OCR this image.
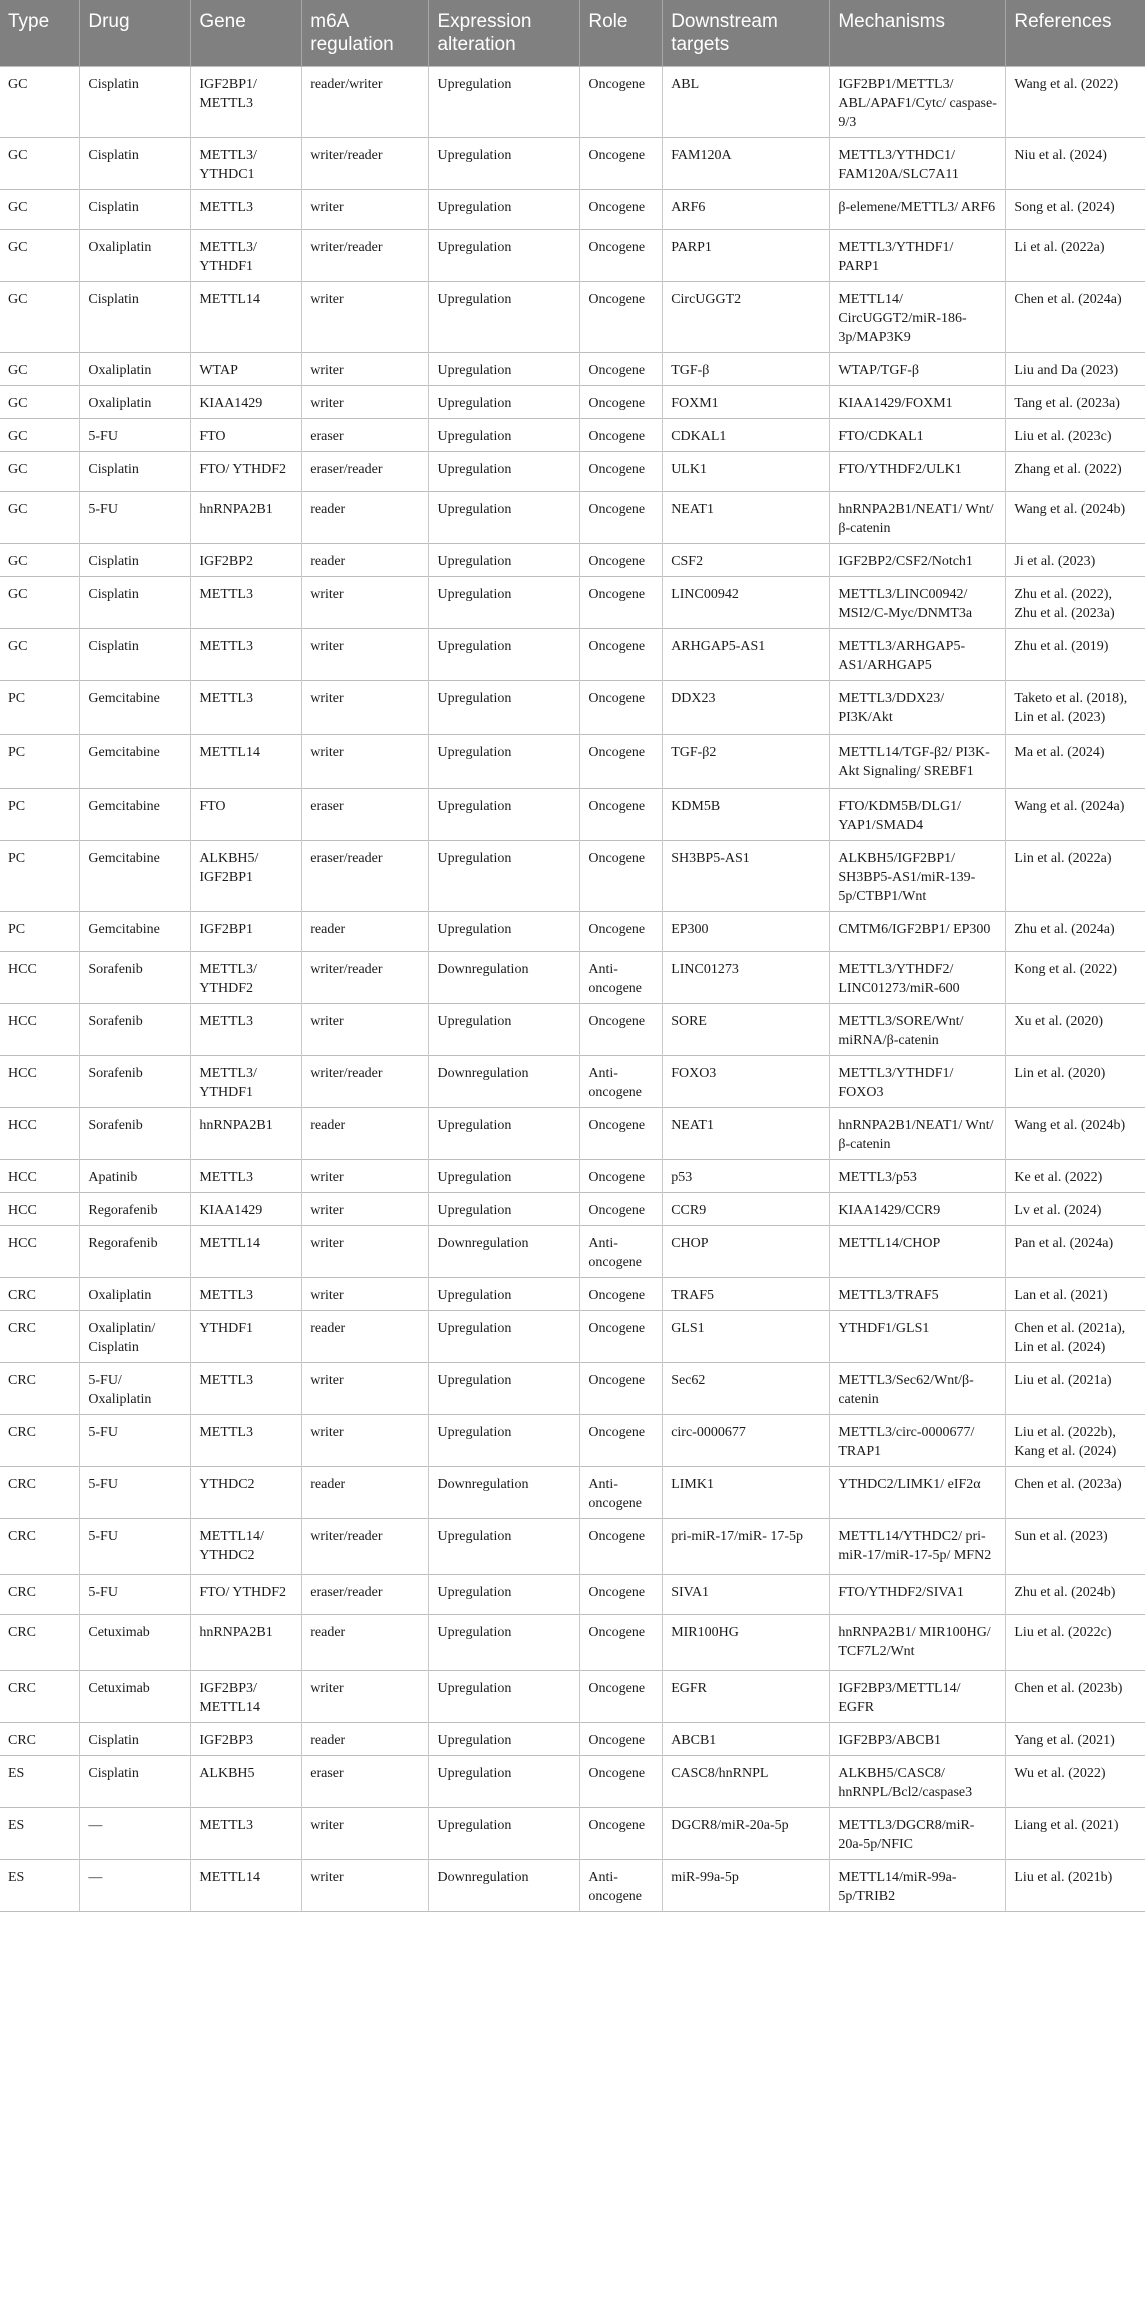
Type	Drug	Gene	m6A regulation	Expression alteration	Role	Downstream targets	Mechanisms	References
GC	Cisplatin	IGF2BP1/ METTL3	reader/writer	Upregulation	Oncogene	ABL	IGF2BP1/METTL3/ ABL/APAF1/Cytc/ caspase-9/3	Wang et al. (2022)
GC	Cisplatin	METTL3/ YTHDC1	writer/reader	Upregulation	Oncogene	FAM120A	METTL3/YTHDC1/ FAM120A/SLC7A11	Niu et al. (2024)
GC	Cisplatin	METTL3	writer	Upregulation	Oncogene	ARF6	β-elemene/METTL3/ ARF6	Song et al. (2024)
GC	Oxaliplatin	METTL3/ YTHDF1	writer/reader	Upregulation	Oncogene	PARP1	METTL3/YTHDF1/ PARP1	Li et al. (2022a)
GC	Cisplatin	METTL14	writer	Upregulation	Oncogene	CircUGGT2	METTL14/ CircUGGT2/miR-186- 3p/MAP3K9	Chen et al. (2024a)
GC	Oxaliplatin	WTAP	writer	Upregulation	Oncogene	TGF-β	WTAP/TGF-β	Liu and Da (2023)
GC	Oxaliplatin	KIAA1429	writer	Upregulation	Oncogene	FOXM1	KIAA1429/FOXM1	Tang et al. (2023a)
GC	5-FU	FTO	eraser	Upregulation	Oncogene	CDKAL1	FTO/CDKAL1	Liu et al. (2023c)
GC	Cisplatin	FTO/ YTHDF2	eraser/reader	Upregulation	Oncogene	ULK1	FTO/YTHDF2/ULK1	Zhang et al. (2022)
GC	5-FU	hnRNPA2B1	reader	Upregulation	Oncogene	NEAT1	hnRNPA2B1/NEAT1/ Wnt/β-catenin	Wang et al. (2024b)
GC	Cisplatin	IGF2BP2	reader	Upregulation	Oncogene	CSF2	IGF2BP2/CSF2/Notch1	Ji et al. (2023)
GC	Cisplatin	METTL3	writer	Upregulation	Oncogene	LINC00942	METTL3/LINC00942/ MSI2/C-Myc/DNMT3a	Zhu et al. (2022), Zhu et al. (2023a)
GC	Cisplatin	METTL3	writer	Upregulation	Oncogene	ARHGAP5-AS1	METTL3/ARHGAP5- AS1/ARHGAP5	Zhu et al. (2019)
PC	Gemcitabine	METTL3	writer	Upregulation	Oncogene	DDX23	METTL3/DDX23/ PI3K/Akt	Taketo et al. (2018), Lin et al. (2023)
PC	Gemcitabine	METTL14	writer	Upregulation	Oncogene	TGF-β2	METTL14/TGF-β2/ PI3K-Akt Signaling/ SREBF1	Ma et al. (2024)
PC	Gemcitabine	FTO	eraser	Upregulation	Oncogene	KDM5B	FTO/KDM5B/DLG1/ YAP1/SMAD4	Wang et al. (2024a)
PC	Gemcitabine	ALKBH5/ IGF2BP1	eraser/reader	Upregulation	Oncogene	SH3BP5-AS1	ALKBH5/IGF2BP1/ SH3BP5-AS1/miR-139- 5p/CTBP1/Wnt	Lin et al. (2022a)
PC	Gemcitabine	IGF2BP1	reader	Upregulation	Oncogene	EP300	CMTM6/IGF2BP1/ EP300	Zhu et al. (2024a)
HCC	Sorafenib	METTL3/ YTHDF2	writer/reader	Downregulation	Anti- oncogene	LINC01273	METTL3/YTHDF2/ LINC01273/miR-600	Kong et al. (2022)
HCC	Sorafenib	METTL3	writer	Upregulation	Oncogene	SORE	METTL3/SORE/Wnt/ miRNA/β-catenin	Xu et al. (2020)
HCC	Sorafenib	METTL3/ YTHDF1	writer/reader	Downregulation	Anti- oncogene	FOXO3	METTL3/YTHDF1/ FOXO3	Lin et al. (2020)
HCC	Sorafenib	hnRNPA2B1	reader	Upregulation	Oncogene	NEAT1	hnRNPA2B1/NEAT1/ Wnt/β-catenin	Wang et al. (2024b)
HCC	Apatinib	METTL3	writer	Upregulation	Oncogene	p53	METTL3/p53	Ke et al. (2022)
HCC	Regorafenib	KIAA1429	writer	Upregulation	Oncogene	CCR9	KIAA1429/CCR9	Lv et al. (2024)
HCC	Regorafenib	METTL14	writer	Downregulation	Anti- oncogene	CHOP	METTL14/CHOP	Pan et al. (2024a)
CRC	Oxaliplatin	METTL3	writer	Upregulation	Oncogene	TRAF5	METTL3/TRAF5	Lan et al. (2021)
CRC	Oxaliplatin/ Cisplatin	YTHDF1	reader	Upregulation	Oncogene	GLS1	YTHDF1/GLS1	Chen et al. (2021a), Lin et al. (2024)
CRC	5-FU/ Oxaliplatin	METTL3	writer	Upregulation	Oncogene	Sec62	METTL3/Sec62/Wnt/β- catenin	Liu et al. (2021a)
CRC	5-FU	METTL3	writer	Upregulation	Oncogene	circ-0000677	METTL3/circ-0000677/ TRAP1	Liu et al. (2022b), Kang et al. (2024)
CRC	5-FU	YTHDC2	reader	Downregulation	Anti- oncogene	LIMK1	YTHDC2/LIMK1/ eIF2α	Chen et al. (2023a)
CRC	5-FU	METTL14/ YTHDC2	writer/reader	Upregulation	Oncogene	pri-miR-17/miR- 17-5p	METTL14/YTHDC2/ pri-miR-17/miR-17-5p/ MFN2	Sun et al. (2023)
CRC	5-FU	FTO/ YTHDF2	eraser/reader	Upregulation	Oncogene	SIVA1	FTO/YTHDF2/SIVA1	Zhu et al. (2024b)
CRC	Cetuximab	hnRNPA2B1	reader	Upregulation	Oncogene	MIR100HG	hnRNPA2B1/ MIR100HG/ TCF7L2/Wnt	Liu et al. (2022c)
CRC	Cetuximab	IGF2BP3/ METTL14	writer	Upregulation	Oncogene	EGFR	IGF2BP3/METTL14/ EGFR	Chen et al. (2023b)
CRC	Cisplatin	IGF2BP3	reader	Upregulation	Oncogene	ABCB1	IGF2BP3/ABCB1	Yang et al. (2021)
ES	Cisplatin	ALKBH5	eraser	Upregulation	Oncogene	CASC8/hnRNPL	ALKBH5/CASC8/ hnRNPL/Bcl2/caspase3	Wu et al. (2022)
ES	—	METTL3	writer	Upregulation	Oncogene	DGCR8/miR-20a-5p	METTL3/DGCR8/miR- 20a-5p/NFIC	Liang et al. (2021)
ES	—	METTL14	writer	Downregulation	Anti- oncogene	miR-99a-5p	METTL14/miR-99a- 5p/TRIB2	Liu et al. (2021b)
